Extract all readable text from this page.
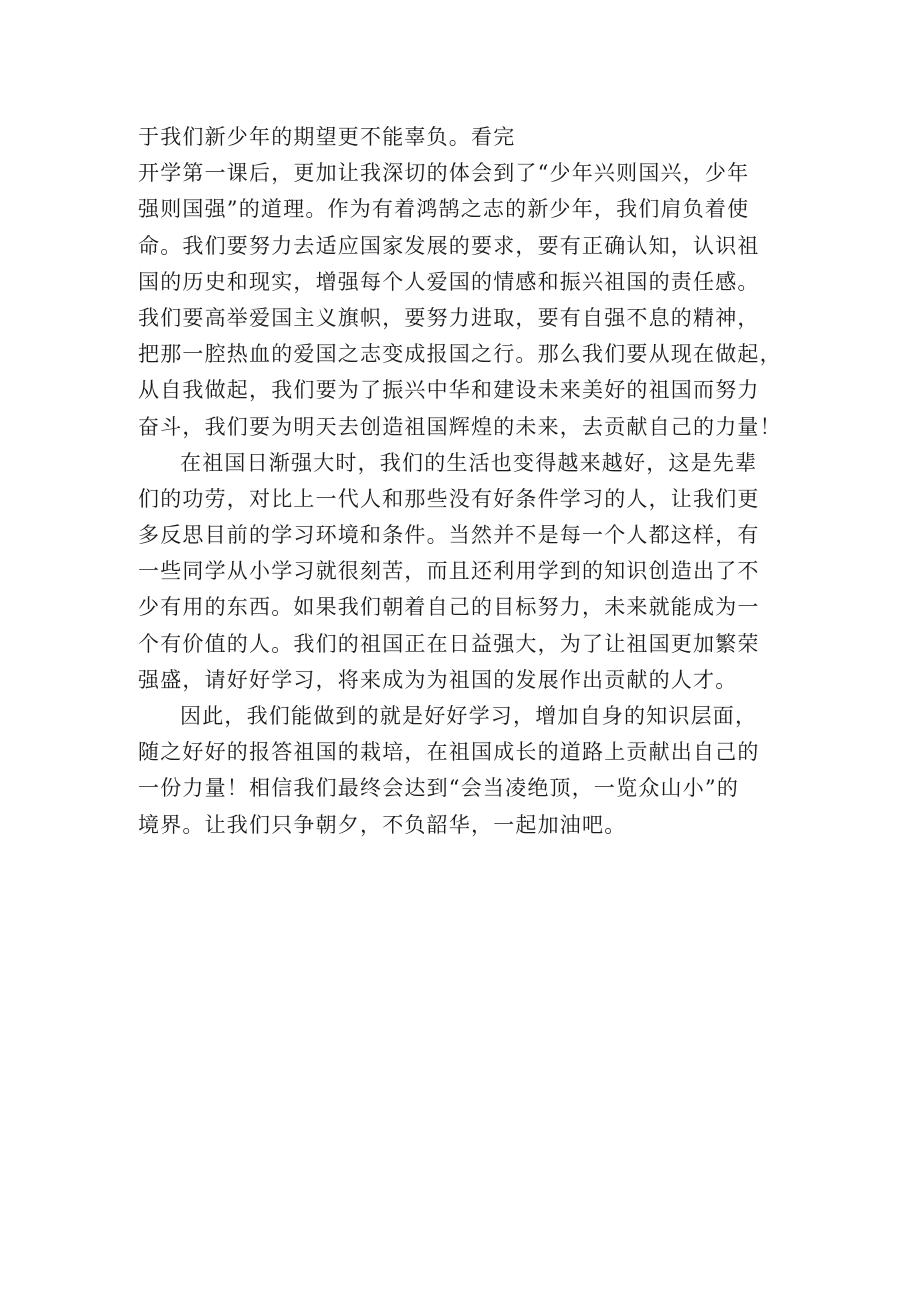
于我们新少年的期望更不能辜负。看完
开学第一课后，更加让我深切的体会到了“少年兴则国兴，少年
强则国强”的道理。作为有着鸿鹄之志的新少年，我们肩负着使
命。我们要努力去适应国家发展的要求，要有正确认知，认识祖
国的历史和现实，增强每个人爱国的情感和振兴祖国的责任感。
我们要高举爱国主义旗帜，要努力进取，要有自强不息的精神，
把那一腔热血的爱国之志变成报国之行。那么我们要从现在做起，
从自我做起，我们要为了振兴中华和建设未来美好的祖国而努力
奋斗，我们要为明天去创造祖国辉煌的未来，去贡献自己的力量！
在祖国日渐强大时，我们的生活也变得越来越好，这是先辈
们的功劳，对比上一代人和那些没有好条件学习的人，让我们更
多反思目前的学习环境和条件。当然并不是每一个人都这样，有
一些同学从小学习就很刻苦，而且还利用学到的知识创造出了不
少有用的东西。如果我们朝着自己的目标努力，未来就能成为一
个有价值的人。我们的祖国正在日益强大，为了让祖国更加繁荣
强盛，请好好学习，将来成为为祖国的发展作出贡献的人才。
因此，我们能做到的就是好好学习，增加自身的知识层面，
随之好好的报答祖国的栽培，在祖国成长的道路上贡献出自己的
一份力量！相信我们最终会达到“会当凌绝顶，一览众山小”的
境界。让我们只争朝夕，不负韶华，一起加油吧。
